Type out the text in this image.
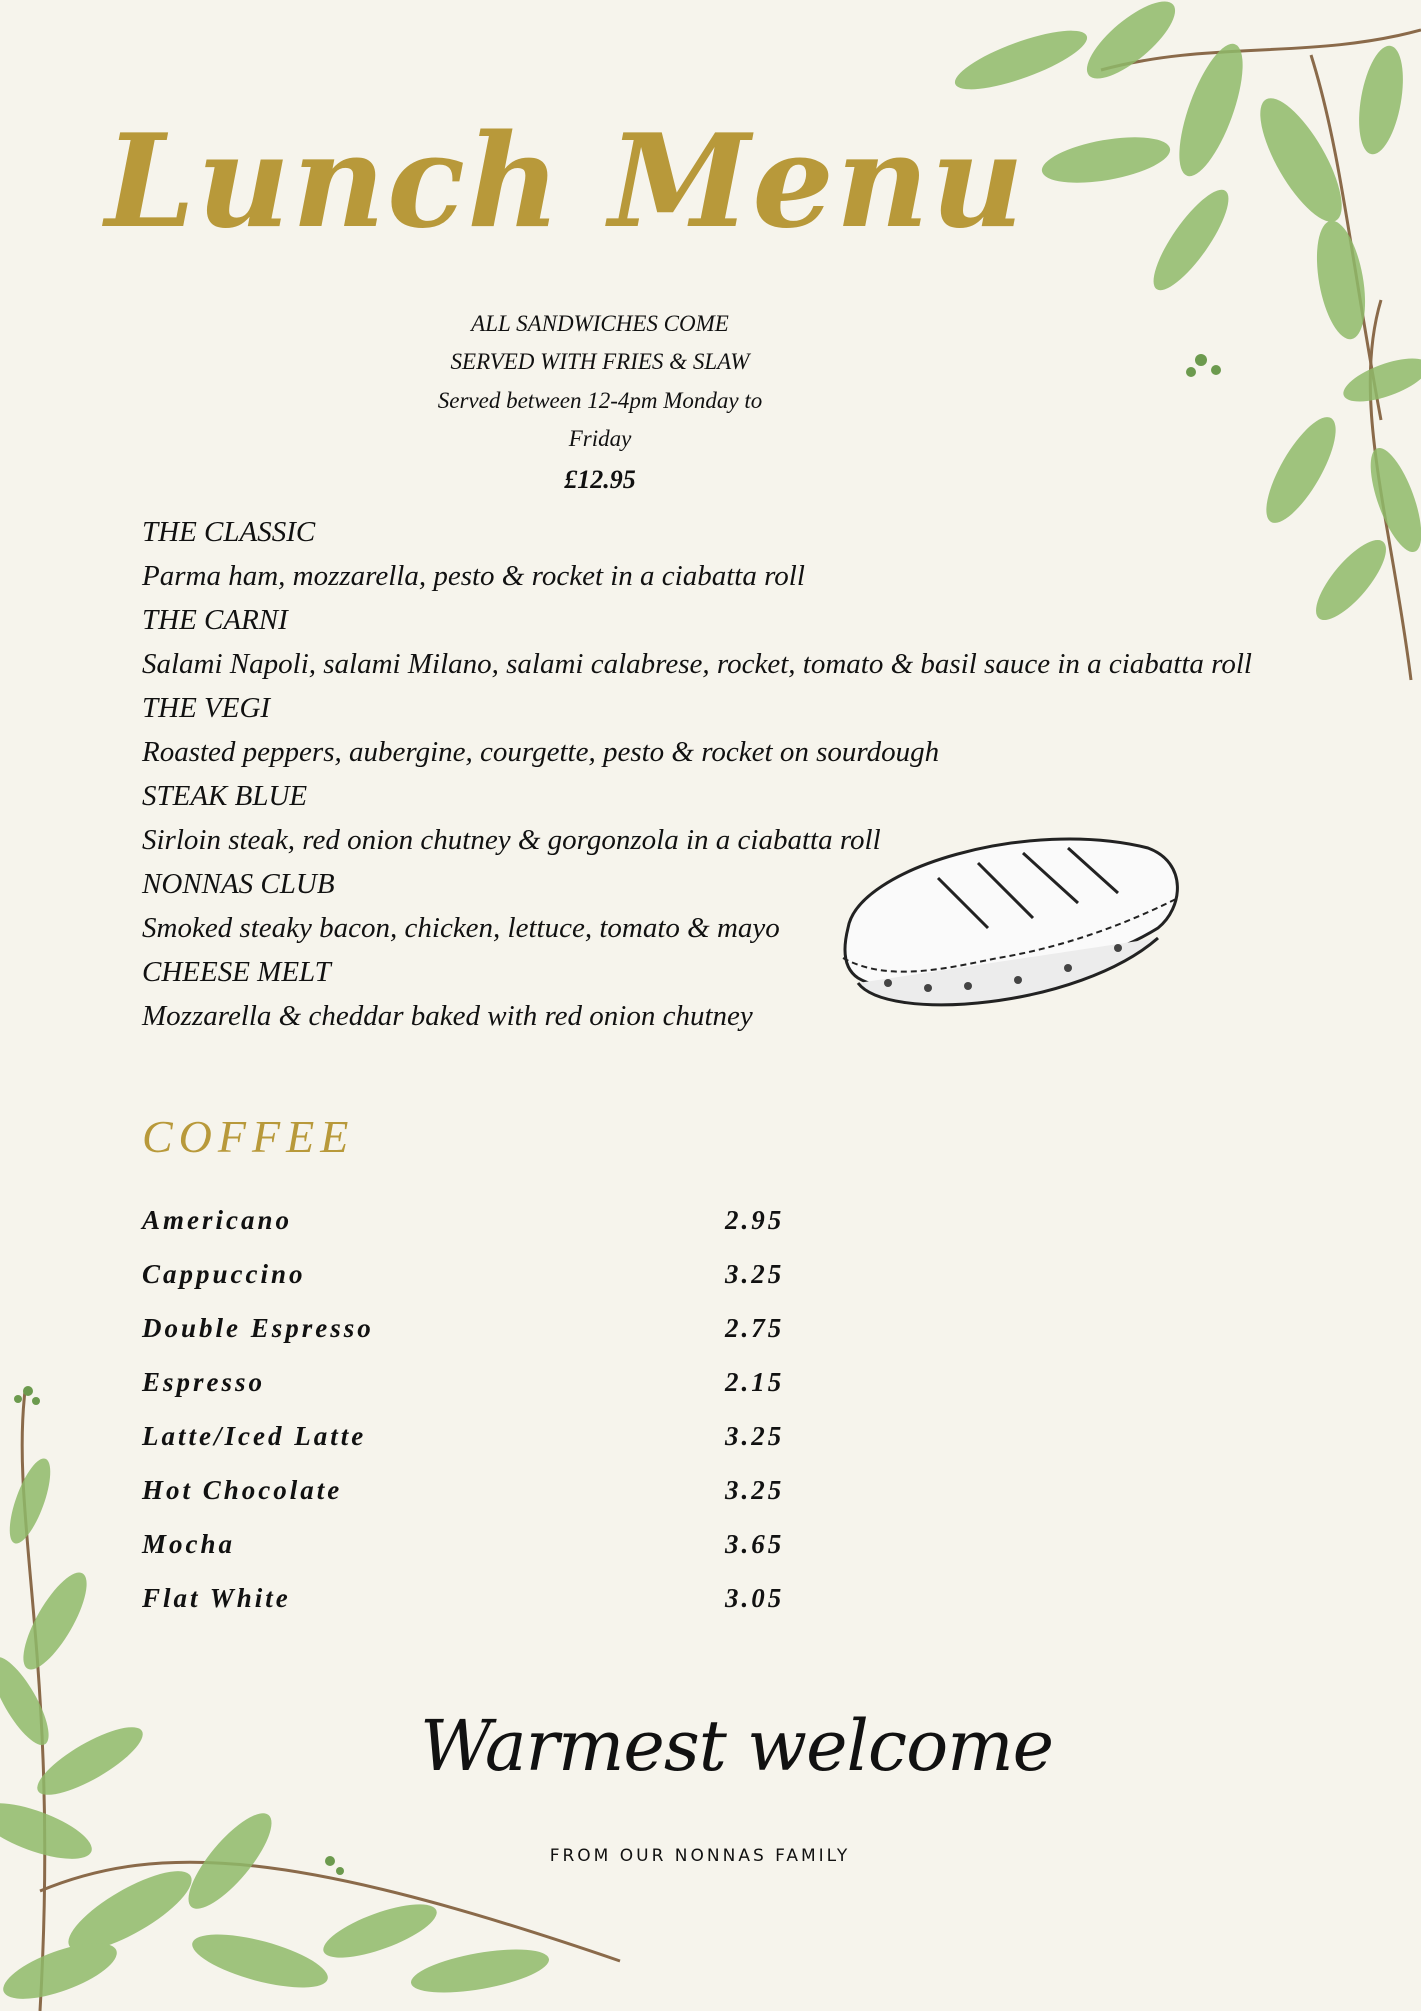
Lunch Menu
ALL SANDWICHES COME
SERVED WITH FRIES & SLAW
Served between 12-4pm Monday to
Friday
£12.95
THE CLASSIC
Parma ham, mozzarella, pesto & rocket in a ciabatta roll
THE CARNI
Salami Napoli, salami Milano, salami calabrese, rocket, tomato & basil sauce in a ciabatta roll
THE VEGI
Roasted peppers, aubergine, courgette, pesto & rocket on sourdough
STEAK BLUE
Sirloin steak, red onion chutney & gorgonzola in a ciabatta roll
NONNAS CLUB
Smoked steaky bacon, chicken, lettuce, tomato & mayo
CHEESE MELT
Mozzarella & cheddar baked with red onion chutney
COFFEE
Americano	2.95
Cappuccino	3.25
Double Espresso	2.75
Espresso	2.15
Latte/Iced Latte	3.25
Hot Chocolate	3.25
Mocha	3.65
Flat White	3.05
Warmest welcome
FROM OUR NONNAS FAMILY
